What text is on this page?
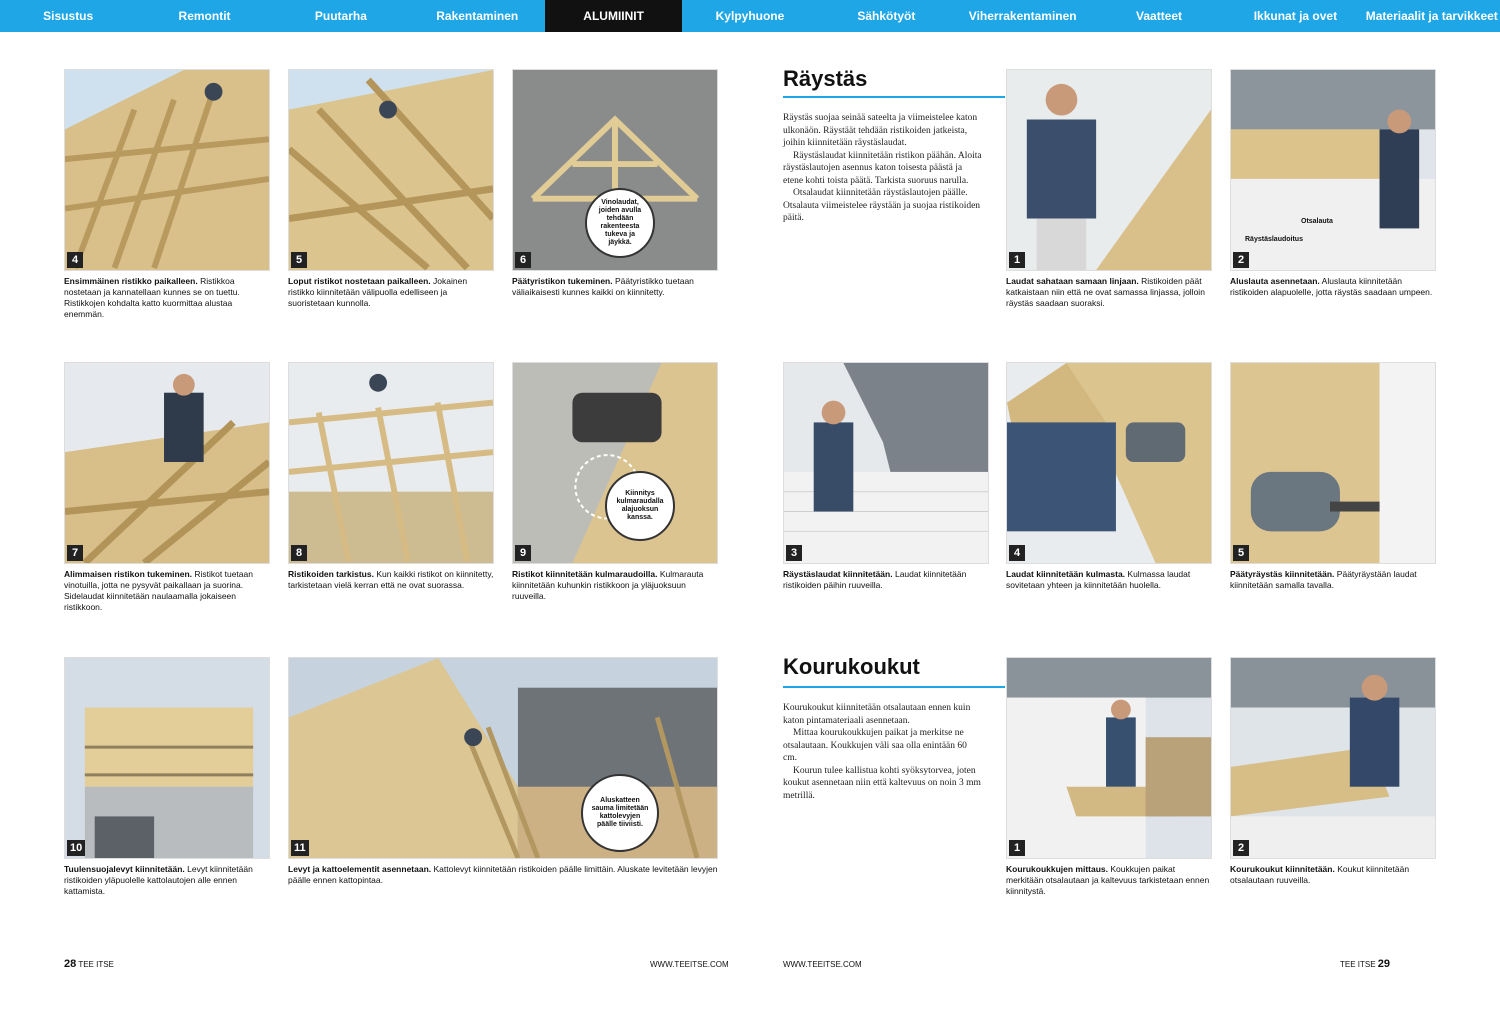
Sisustus	Remontit	Puutarha	Rakentaminen	ALUMIINIT	Kylpyhuone	Sähkötyöt	Viherrakentaminen	Vaatteet	Ikkunat ja ovet	Materiaalit ja tarvikkeet
4
Ensimmäinen ristikko paikalleen. Ristikkoa nostetaan ja kannatellaan kunnes se on tuettu. Ristikkojen kohdalta katto kuormittaa alustaa enemmän.
5
Loput ristikot nostetaan paikalleen. Jokainen ristikko kiinnitetään välipuolla edelliseen ja suoristetaan kunnolla.
Vinolaudat, joiden avulla tehdään rakenteesta tukeva ja jäykkä.
6
Päätyristikon tukeminen. Päätyristikko tuetaan väliaikaisesti kunnes kaikki on kiinnitetty.
7
Alimmaisen ristikon tukeminen. Ristikot tuetaan vinotuilla, jotta ne pysyvät paikallaan ja suorina. Sidelaudat kiinnitetään naulaamalla jokaiseen ristikkoon.
8
Ristikoiden tarkistus. Kun kaikki ristikot on kiinnitetty, tarkistetaan vielä kerran että ne ovat suorassa.
Kiinnitys kulmaraudalla alajuoksun kanssa.
9
Ristikot kiinnitetään kulmaraudoilla. Kulmarauta kiinnitetään kuhunkin ristikkoon ja yläjuoksuun ruuveilla.
10
Tuulensuojalevyt kiinnitetään. Levyt kiinnitetään ristikoiden yläpuolelle kattolautojen alle ennen kattamista.
Aluskatteen sauma limitetään kattolevyjen päälle tiiviisti.
11
Levyt ja kattoelementit asennetaan. Kattolevyt kiinnitetään ristikoiden päälle limittäin. Aluskate levitetään levyjen päälle ennen kattopintaa.
28 TEE ITSE	WWW.TEEITSE.COM
Räystäs

Räystäs suojaa seinää sateelta ja viimeistelee katon ulkonäön. Räystäät tehdään ristikoiden jatkeista, joihin kiinnitetään räystäslaudat.

Räystäslaudat kiinnitetään ristikon päähän. Aloita räystäslautojen asennus katon toisesta päästä ja etene kohti toista päätä. Tarkista suoruus narulla.

Otsalaudat kiinnitetään räystäslautojen päälle. Otsalauta viimeistelee räystään ja suojaa ristikoiden päitä.

1
Laudat sahataan samaan linjaan. Ristikoiden päät katkaistaan niin että ne ovat samassa linjassa, jolloin räystäs saadaan suoraksi.
Otsalauta
Räystäslaudoitus
2
Aluslauta asennetaan. Aluslauta kiinnitetään ristikoiden alapuolelle, jotta räystäs saadaan umpeen.
3
Räystäslaudat kiinnitetään. Laudat kiinnitetään ristikoiden päihin ruuveilla.
4
Laudat kiinnitetään kulmasta. Kulmassa laudat sovitetaan yhteen ja kiinnitetään huolella.
5
Päätyräystäs kiinnitetään. Päätyräystään laudat kiinnitetään samalla tavalla.
Kourukoukut

Kourukoukut kiinnitetään otsalautaan ennen kuin katon pintamateriaali asennetaan.

Mittaa kourukoukkujen paikat ja merkitse ne otsalautaan. Koukkujen väli saa olla enintään 60 cm.

Kourun tulee kallistua kohti syöksytorvea, joten koukut asennetaan niin että kaltevuus on noin 3 mm metrillä.

1
Kourukoukkujen mittaus. Koukkujen paikat merkitään otsalautaan ja kaltevuus tarkistetaan ennen kiinnitystä.
2
Kourukoukut kiinnitetään. Koukut kiinnitetään otsalautaan ruuveilla.
WWW.TEEITSE.COM	TEE ITSE 29
